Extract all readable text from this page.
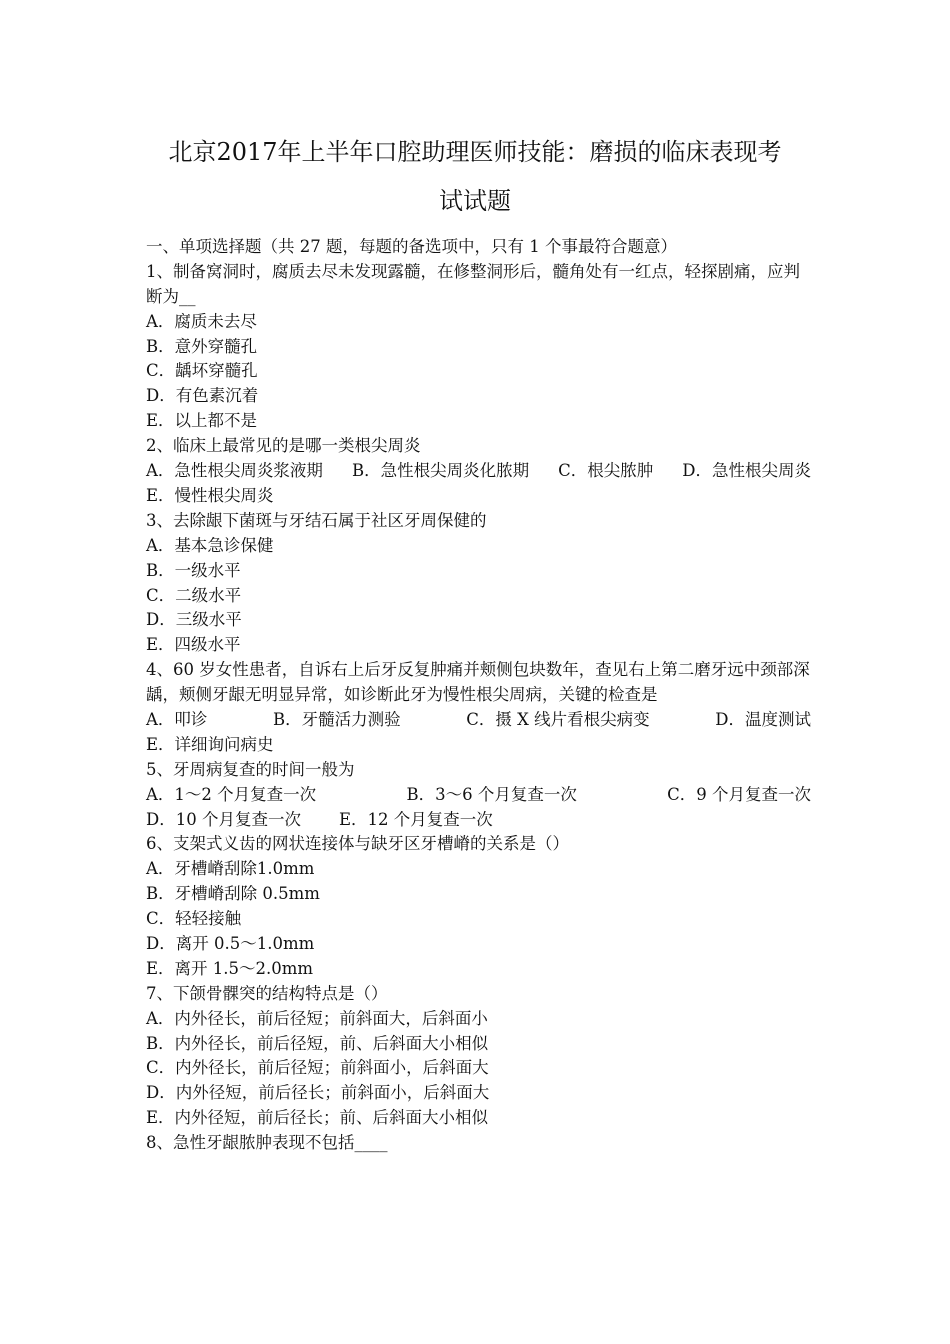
北京2017年上半年口腔助理医师技能：磨损的临床表现考
试试题
一、单项选择题（共 27 题，每题的备选项中，只有 1 个事最符合题意）
1、制备窝洞时，腐质去尽未发现露髓，在修整洞形后，髓角处有一红点，轻探剧痛，应判断为__
A．腐质未去尽
B．意外穿髓孔
C．龋坏穿髓孔
D．有色素沉着
E．以上都不是
2、临床上最常见的是哪一类根尖周炎
A．急性根尖周炎浆液期 B．急性根尖周炎化脓期 C．根尖脓肿 D．急性根尖周炎
E．慢性根尖周炎
3、去除龈下菌斑与牙结石属于社区牙周保健的
A．基本急诊保健
B．一级水平
C．二级水平
D．三级水平
E．四级水平
4、60 岁女性患者，自诉右上后牙反复肿痛并颊侧包块数年，查见右上第二磨牙远中颈部深龋，颊侧牙龈无明显异常，如诊断此牙为慢性根尖周病，关键的检查是
A．叩诊	B．牙髓活力测验	C．摄 X 线片看根尖病变	D．温度测试
E．详细询问病史
5、牙周病复查的时间一般为
A．1～2 个月复查一次	B．3～6 个月复查一次	C．9 个月复查一次
D．10 个月复查一次 E．12 个月复查一次
6、支架式义齿的网状连接体与缺牙区牙槽嵴的关系是（）
A．牙槽嵴刮除1.0mm
B．牙槽嵴刮除 0.5mm
C．轻轻接触
D．离开 0.5～1.0mm
E．离开 1.5～2.0mm
7、下颌骨髁突的结构特点是（）
A．内外径长，前后径短；前斜面大，后斜面小
B．内外径长，前后径短，前、后斜面大小相似
C．内外径长，前后径短；前斜面小，后斜面大
D．内外径短，前后径长；前斜面小，后斜面大
E．内外径短，前后径长；前、后斜面大小相似
8、急性牙龈脓肿表现不包括____
